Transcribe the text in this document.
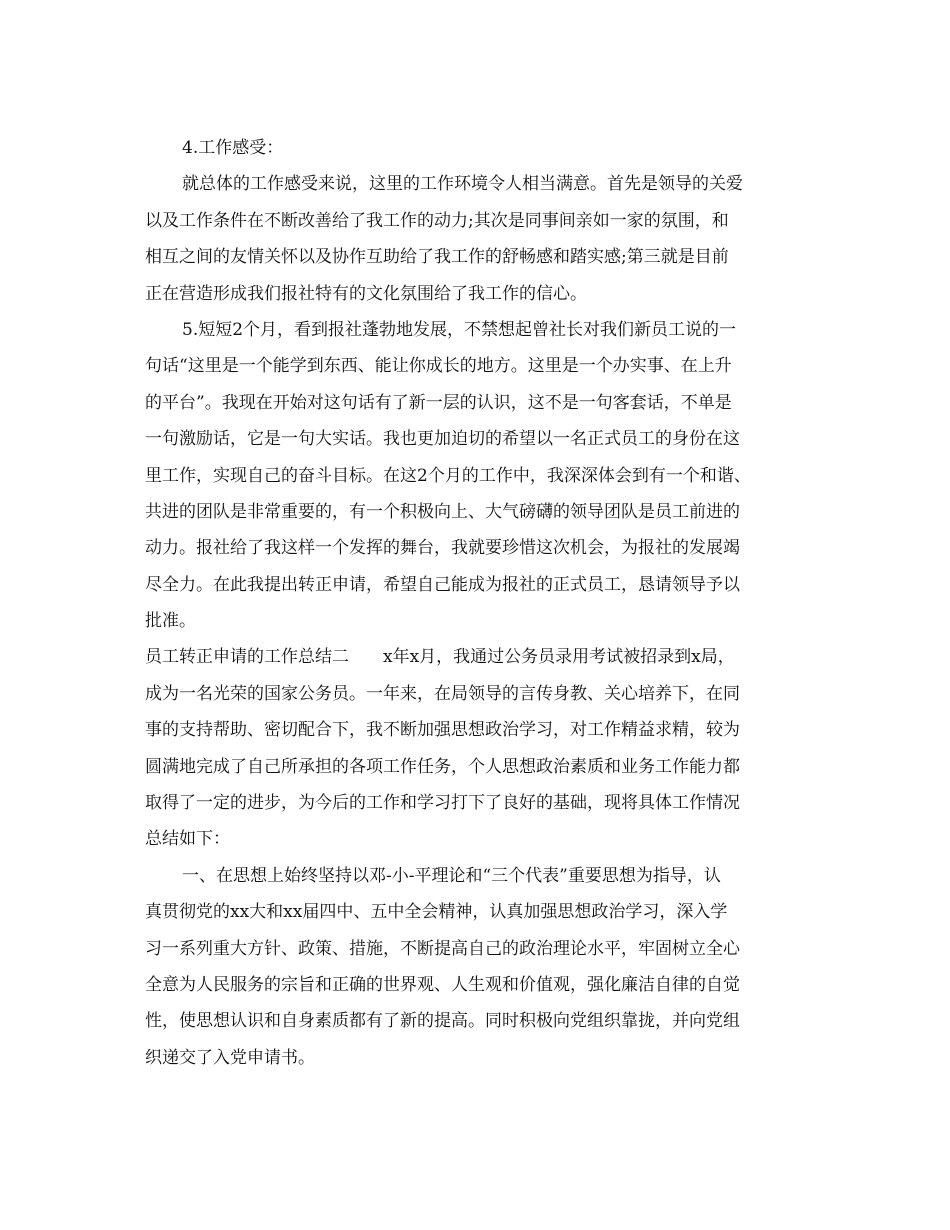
4.工作感受：
就总体的工作感受来说，这里的工作环境令人相当满意。首先是领导的关爱
以及工作条件在不断改善给了我工作的动力;其次是同事间亲如一家的氛围，和
相互之间的友情关怀以及协作互助给了我工作的舒畅感和踏实感;第三就是目前
正在营造形成我们报社特有的文化氛围给了我工作的信心。
5.短短2个月，看到报社蓬勃地发展，不禁想起曾社长对我们新员工说的一
句话“这里是一个能学到东西、能让你成长的地方。这里是一个办实事、在上升
的平台”。我现在开始对这句话有了新一层的认识，这不是一句客套话，不单是
一句激励话，它是一句大实话。我也更加迫切的希望以一名正式员工的身份在这
里工作，实现自己的奋斗目标。在这2个月的工作中，我深深体会到有一个和谐、
共进的团队是非常重要的，有一个积极向上、大气磅礴的领导团队是员工前进的
动力。报社给了我这样一个发挥的舞台，我就要珍惜这次机会，为报社的发展竭
尽全力。在此我提出转正申请，希望自己能成为报社的正式员工，恳请领导予以
批准。
员工转正申请的工作总结二　　x年x月，我通过公务员录用考试被招录到x局，
成为一名光荣的国家公务员。一年来，在局领导的言传身教、关心培养下，在同
事的支持帮助、密切配合下，我不断加强思想政治学习，对工作精益求精，较为
圆满地完成了自己所承担的各项工作任务，个人思想政治素质和业务工作能力都
取得了一定的进步，为今后的工作和学习打下了良好的基础，现将具体工作情况
总结如下：
一、在思想上始终坚持以邓-小-平理论和“三个代表”重要思想为指导，认
真贯彻党的xx大和xx届四中、五中全会精神，认真加强思想政治学习，深入学
习一系列重大方针、政策、措施，不断提高自己的政治理论水平，牢固树立全心
全意为人民服务的宗旨和正确的世界观、人生观和价值观，强化廉洁自律的自觉
性，使思想认识和自身素质都有了新的提高。同时积极向党组织靠拢，并向党组
织递交了入党申请书。
